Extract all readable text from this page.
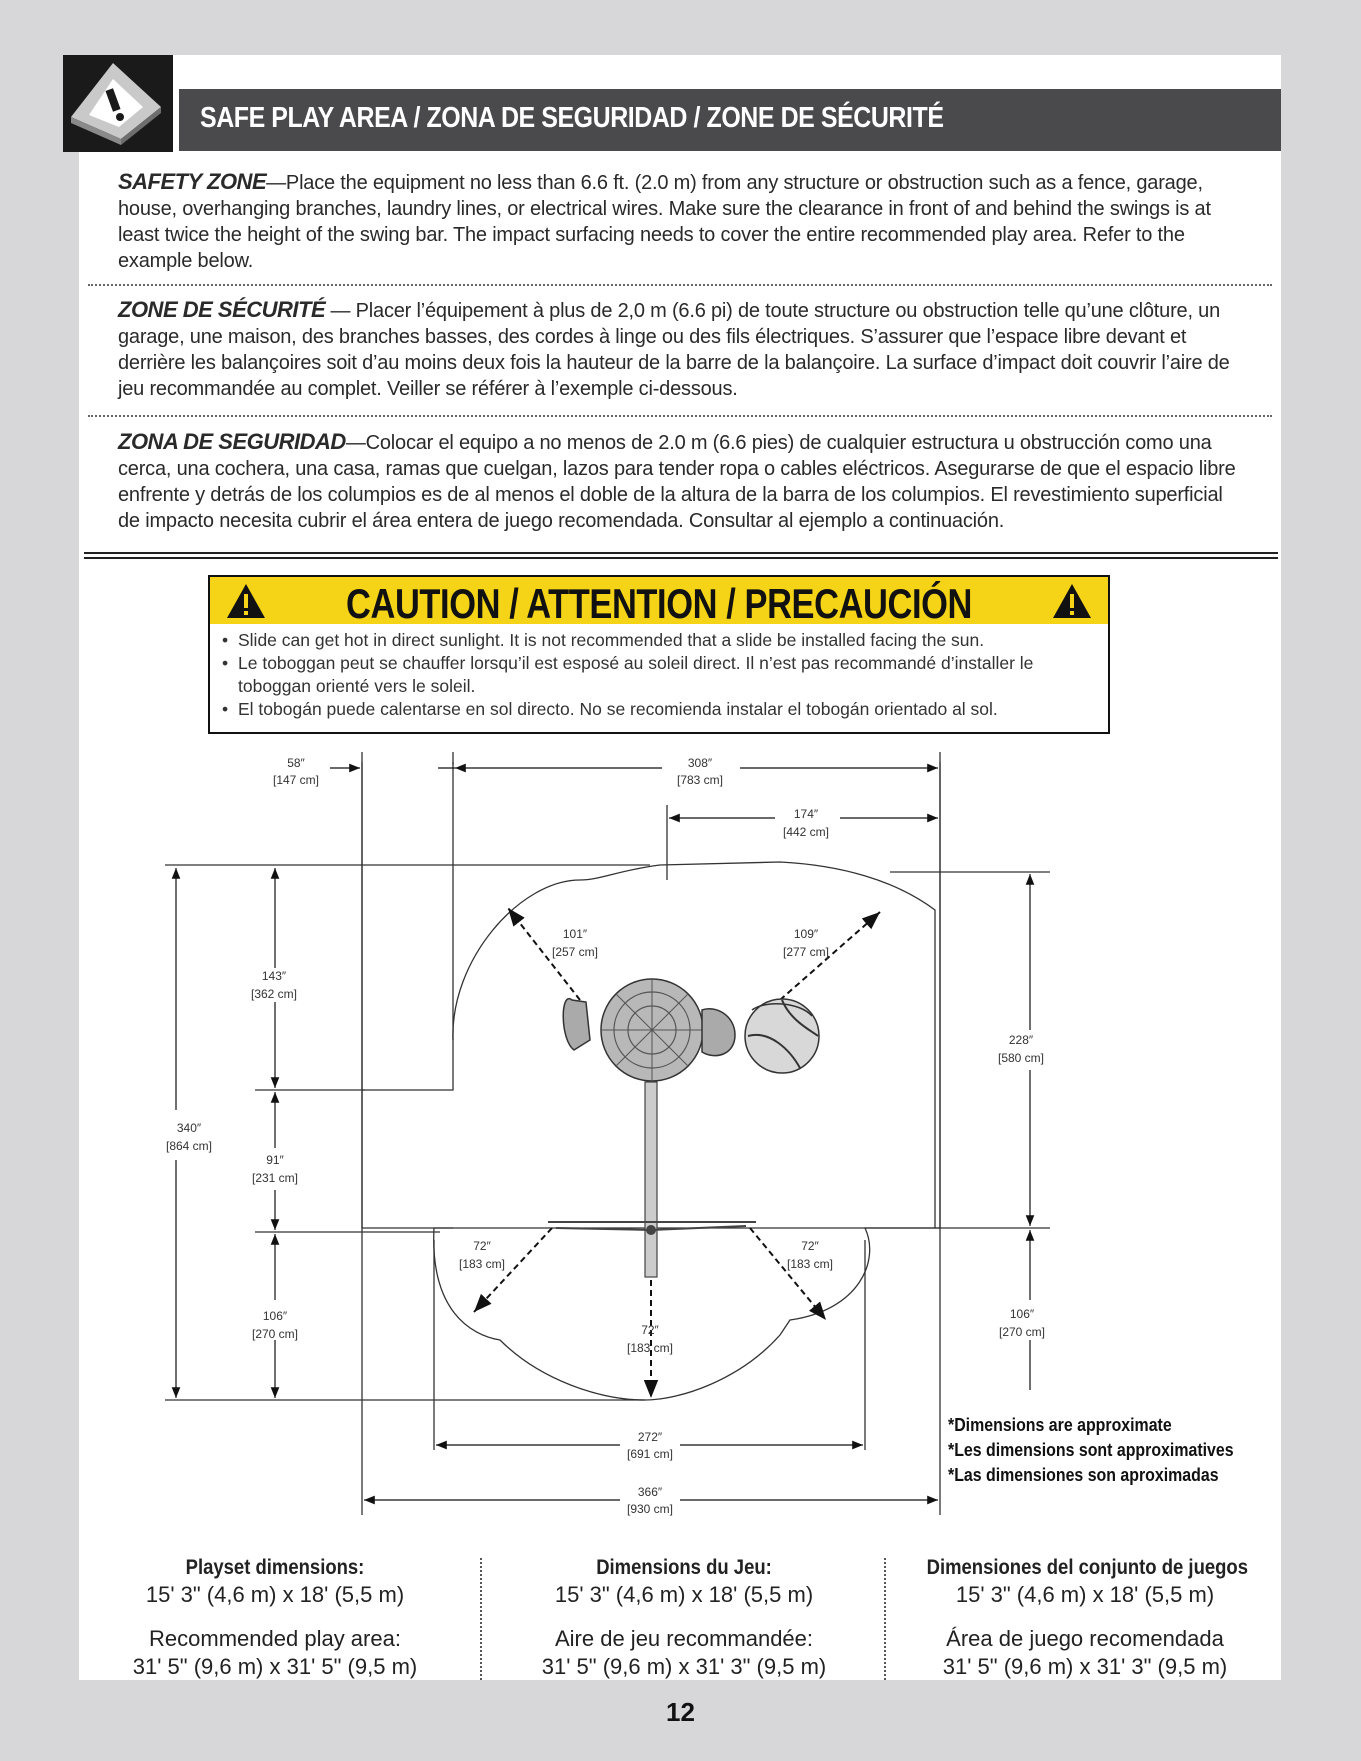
SAFE PLAY AREA / ZONA DE SEGURIDAD / ZONE DE SÉCURITÉ
SAFETY ZONE—Place the equipment no less than 6.6 ft. (2.0 m) from any structure or obstruction such as a fence, garage, house, overhanging branches, laundry lines, or electrical wires. Make sure the clearance in front of and behind the swings is at least twice the height of the swing bar. The impact surfacing needs to cover the entire recommended play area. Refer to the example below.
ZONE DE SÉCURITÉ — Placer l’équipement à plus de 2,0 m (6.6 pi) de toute structure ou obstruction telle qu’une clôture, un garage, une maison, des branches basses, des cordes à linge ou des fils électriques. S’assurer que l’espace libre devant et derrière les balançoires soit d’au moins deux fois la hauteur de la barre de la balançoire. La surface d’impact doit couvrir l’aire de jeu recommandée au complet. Veiller se référer à l’exemple ci-dessous.
ZONA DE SEGURIDAD—Colocar el equipo a no menos de 2.0 m (6.6 pies) de cualquier estructura u obstrucción como una cerca, una cochera, una casa, ramas que cuelgan, lazos para tender ropa o cables eléctricos. Asegurarse de que el espacio libre enfrente y detrás de los columpios es de al menos el doble de la altura de la barra de los columpios. El revestimiento superficial de impacto necesita cubrir el área entera de juego recomendada. Consultar al ejemplo a continuación.
CAUTION / ATTENTION / PRECAUCIÓN
• Slide can get hot in direct sunlight. It is not recommended that a slide be installed facing the sun.
• Le toboggan peut se chauffer lorsqu’il est esposé au soleil direct. Il n’est pas recommandé d’installer le toboggan orienté vers le soleil.
• El tobogán puede calentarse en sol directo. No se recomienda instalar el tobogán orientado al sol.
58″
[147 cm]
308″
[783 cm]
174″
[442 cm]
340″
[864 cm]
143″
[362 cm]
91″
[231 cm]
106″
[270 cm]
228″
[580 cm]
106″
[270 cm]
101″
[257 cm]
109″
[277 cm]
72″
[183 cm]
72″
[183 cm]
72″
[183 cm]
272″
[691 cm]
366″
[930 cm]
*Dimensions are approximate
*Les dimensions sont approximatives
*Las dimensiones son aproximadas
Playset dimensions:
15' 3" (4,6 m) x 18' (5,5 m)
Recommended play area:
31' 5" (9,6 m) x 31' 5" (9,5 m)
Dimensions du Jeu:
15' 3" (4,6 m) x 18' (5,5 m)
Aire de jeu recommandée:
31' 5" (9,6 m) x 31' 3" (9,5 m)
Dimensiones del conjunto de juegos
15' 3" (4,6 m) x 18' (5,5 m)
Área de juego recomendada
31' 5" (9,6 m) x 31' 3" (9,5 m)
12
